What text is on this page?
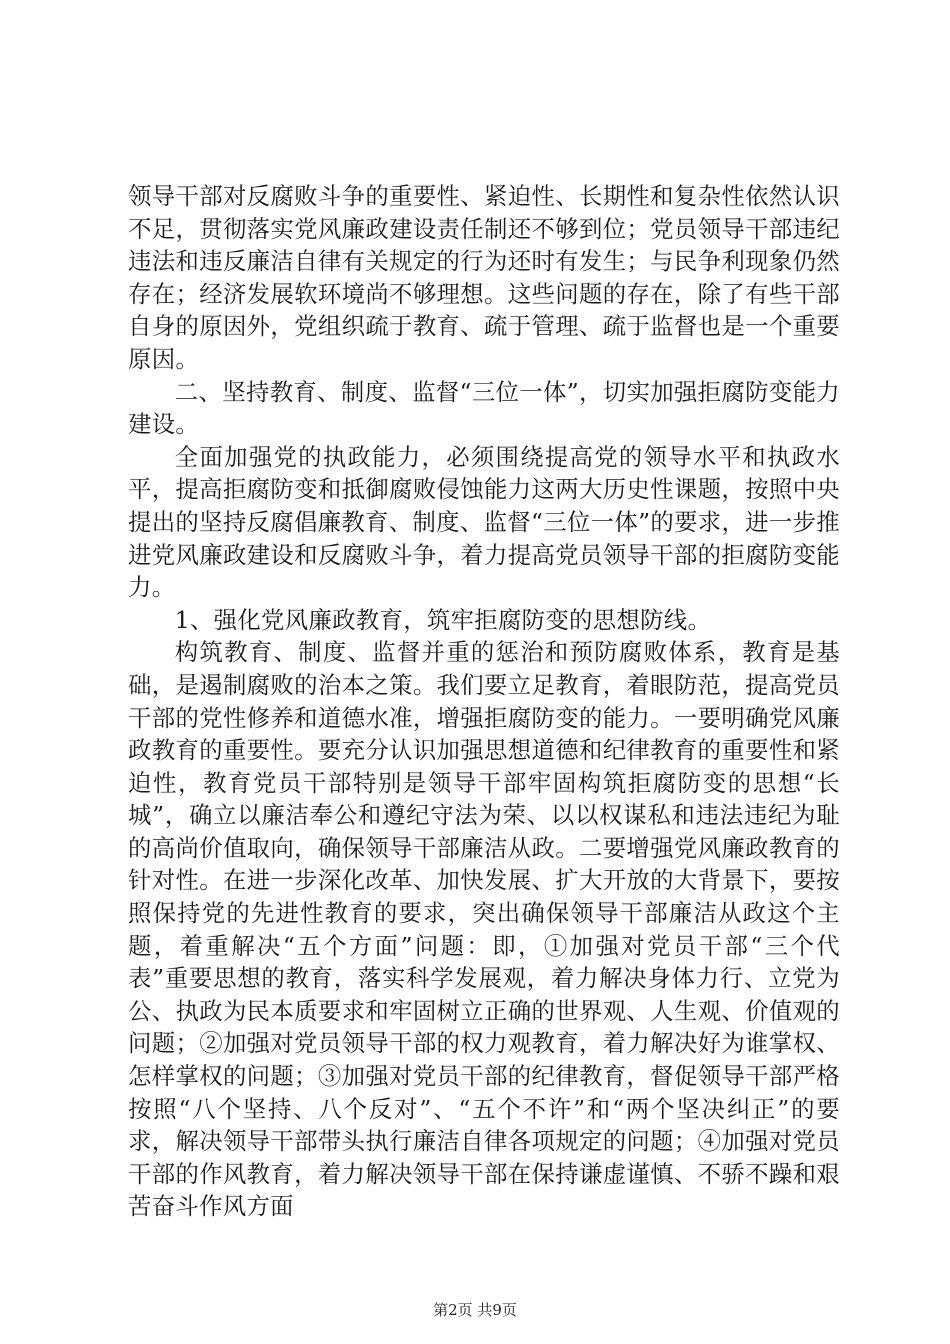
领导干部对反腐败斗争的重要性、紧迫性、长期性和复杂性依然认识不足，贯彻落实党风廉政建设责任制还不够到位；党员领导干部违纪违法和违反廉洁自律有关规定的行为还时有发生；与民争利现象仍然存在；经济发展软环境尚不够理想。这些问题的存在，除了有些干部自身的原因外，党组织疏于教育、疏于管理、疏于监督也是一个重要原因。

二、坚持教育、制度、监督“三位一体”，切实加强拒腐防变能力建设。

全面加强党的执政能力，必须围绕提高党的领导水平和执政水平，提高拒腐防变和抵御腐败侵蚀能力这两大历史性课题，按照中央提出的坚持反腐倡廉教育、制度、监督“三位一体”的要求，进一步推进党风廉政建设和反腐败斗争，着力提高党员领导干部的拒腐防变能力。

1、强化党风廉政教育，筑牢拒腐防变的思想防线。

构筑教育、制度、监督并重的惩治和预防腐败体系，教育是基础，是遏制腐败的治本之策。我们要立足教育，着眼防范，提高党员干部的党性修养和道德水准，增强拒腐防变的能力。一要明确党风廉政教育的重要性。要充分认识加强思想道德和纪律教育的重要性和紧迫性，教育党员干部特别是领导干部牢固构筑拒腐防变的思想“长城”，确立以廉洁奉公和遵纪守法为荣、以以权谋私和违法违纪为耻的高尚价值取向，确保领导干部廉洁从政。二要增强党风廉政教育的针对性。在进一步深化改革、加快发展、扩大开放的大背景下，要按照保持党的先进性教育的要求，突出确保领导干部廉洁从政这个主题，着重解决“五个方面”问题：即，①加强对党员干部“三个代表”重要思想的教育，落实科学发展观，着力解决身体力行、立党为公、执政为民本质要求和牢固树立正确的世界观、人生观、价值观的问题；②加强对党员领导干部的权力观教育，着力解决好为谁掌权、怎样掌权的问题；③加强对党员干部的纪律教育，督促领导干部严格按照“八个坚持、八个反对”、“五个不许”和“两个坚决纠正”的要求，解决领导干部带头执行廉洁自律各项规定的问题；④加强对党员干部的作风教育，着力解决领导干部在保持谦虚谨慎、不骄不躁和艰苦奋斗作风方面

第2页 共9页
